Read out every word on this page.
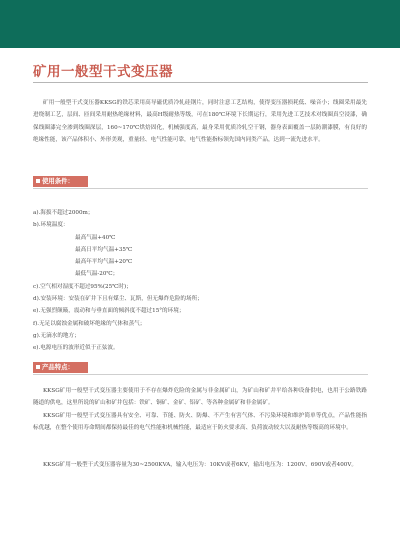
矿用一般型干式变压器
矿用一般型干式变压器KKSG的铁芯采用高导磁优质冷轧硅钢片，同时注意工艺结构，使得变压器损耗低、噪音小；线圈采用最先进绕制工艺，层间、匝间采用耐热绝缘材料，最高H级耐热等级，可在180℃环境下长期运行，采用先进工艺技术对线圈真空浸漆，确保线圈漆完全渗到线圈深层，160~170℃烘焙固化，机械强度高，最身采用优质冷轧空干钢，器身表面覆盖一层防潮漆膜，有良好的绝缘性能，该产品体积小、外形美观，重量轻、电气性能可靠，电气性能指标领先国内同类产品，达到一流先进水平。
使用条件：
a).海拔不超过2000m；
b).环境温度：
最高气温+40℃
最高日平均气温+35℃
最高年平均气温+20℃
最低气温-20℃；
c).空气相对湿度不超过95%(25℃时)；
d).安装环境：安装在矿井下且有煤尘、瓦斯，但无爆炸危险的场所；
e).无强烈颠簸，震动和与垂直面的倾斜度不超过15°的环境；
f).无足以腐蚀金属和破坏绝缘的气体和蒸气；
g).无滴水的地方；
e).电源电压的波形近似于正弦波。
产品特点：
KKSG矿用一般型干式变压器主要使用于不存在爆炸危险的金属与非金属矿山，为矿山和矿井平给各种设备供电，也用于公路铁路隧道的供电，这里所说的矿山和矿井包括：铁矿、铜矿、金矿、铝矿、等各种金属矿和非金属矿。
KKSG矿用一般型干式变压器具有安全、可靠、节能、防火、防爆、不产生有害气体、不污染环境和维护简单等优点，产品性能指标优越，在整个使用寿命期间都保持最佳的电气性能和机械性能，最适应于防火要求高、负荷波动较大以及耐热等级高的环境中。
KKSG矿用一般型干式变压器容量为30~2500KVA，输入电压为：10KV或者6KV，输出电压为：1200V、690V或者400V。
